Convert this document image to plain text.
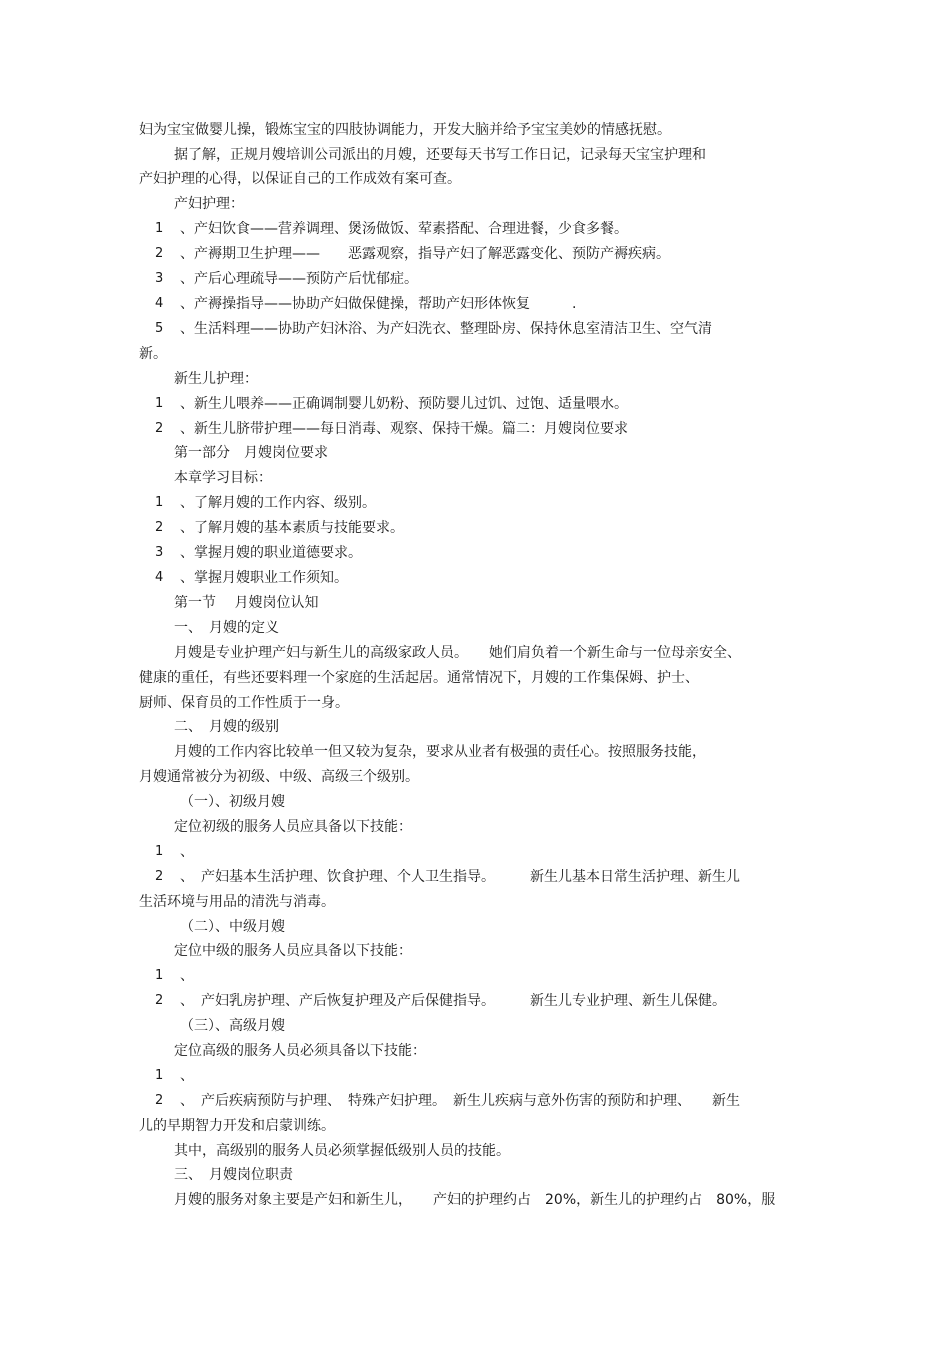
妇为宝宝做婴儿操，锻炼宝宝的四肢协调能力，开发大脑并给予宝宝美妙的情感抚慰。
据了解，正规月嫂培训公司派出的月嫂，还要每天书写工作日记，记录每天宝宝护理和
产妇护理的心得，以保证自己的工作成效有案可查。
产妇护理：
1 、产妇饮食——营养调理、煲汤做饭、荤素搭配、合理进餐，少食多餐。
2 、产褥期卫生护理——　　恶露观察，指导产妇了解恶露变化、预防产褥疾病。
3 、产后心理疏导——预防产后忧郁症。
4 、产褥操指导——协助产妇做保健操，帮助产妇形体恢复　　　.
5 、生活料理——协助产妇沐浴、为产妇洗衣、整理卧房、保持休息室清洁卫生、空气清
新。
新生儿护理：
1 、新生儿喂养——正确调制婴儿奶粉、预防婴儿过饥、过饱、适量喂水。
2 、新生儿脐带护理——每日消毒、观察、保持干燥。篇二：月嫂岗位要求
第一部分　月嫂岗位要求
本章学习目标：
1 、了解月嫂的工作内容、级别。
2 、了解月嫂的基本素质与技能要求。
3 、掌握月嫂的职业道德要求。
4 、掌握月嫂职业工作须知。
第一节　 月嫂岗位认知
一、　月嫂的定义
月嫂是专业护理产妇与新生儿的高级家政人员。　　她们肩负着一个新生命与一位母亲安全、
健康的重任，有些还要料理一个家庭的生活起居。通常情况下，月嫂的工作集保姆、护士、
厨师、保育员的工作性质于一身。
二、　月嫂的级别
月嫂的工作内容比较单一但又较为复杂，要求从业者有极强的责任心。按照服务技能，
月嫂通常被分为初级、中级、高级三个级别。
（一）、初级月嫂
定位初级的服务人员应具备以下技能：
1 、
2 、　产妇基本生活护理、饮食护理、个人卫生指导。　　　新生儿基本日常生活护理、新生儿
生活环境与用品的清洗与消毒。
（二）、中级月嫂
定位中级的服务人员应具备以下技能：
1 、
2 、　产妇乳房护理、产后恢复护理及产后保健指导。　　　新生儿专业护理、新生儿保健。
（三）、高级月嫂
定位高级的服务人员必须具备以下技能：
1 、
2 、　产后疾病预防与护理、　特殊产妇护理。　新生儿疾病与意外伤害的预防和护理、　　新生
儿的早期智力开发和启蒙训练。
其中，高级别的服务人员必须掌握低级别人员的技能。
三、　月嫂岗位职责
月嫂的服务对象主要是产妇和新生儿，　　产妇的护理约占　20%，新生儿的护理约占　80%，服
